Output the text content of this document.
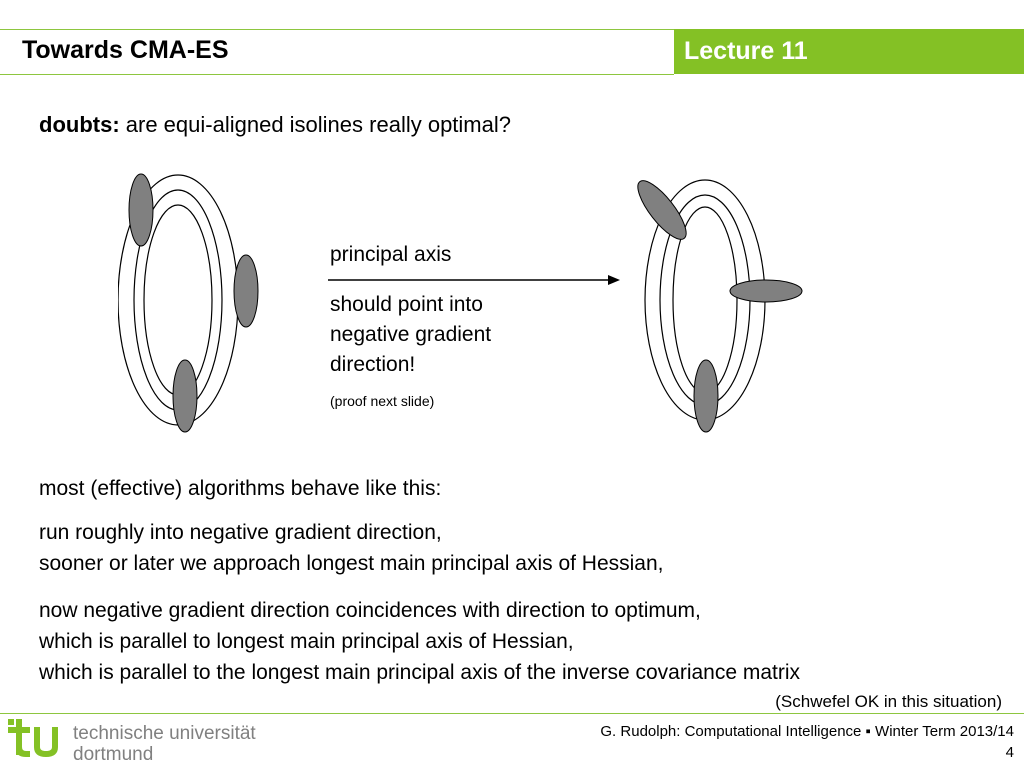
Towards CMA-ES	Lecture 11
doubts: are equi-aligned isolines really optimal?
principal axis
should point into
negative gradient
direction!
(proof next slide)
most (effective) algorithms behave like this:
run roughly into negative gradient direction,
sooner or later we approach longest main principal axis of Hessian,
now negative gradient direction coincidences with direction to optimum,
which is parallel to longest main principal axis of Hessian,
which is parallel to the longest main principal axis of the inverse covariance matrix
(Schwefel OK in this situation)
technische universität
dortmund
G. Rudolph: Computational Intelligence ▪ Winter Term 2013/14
4
